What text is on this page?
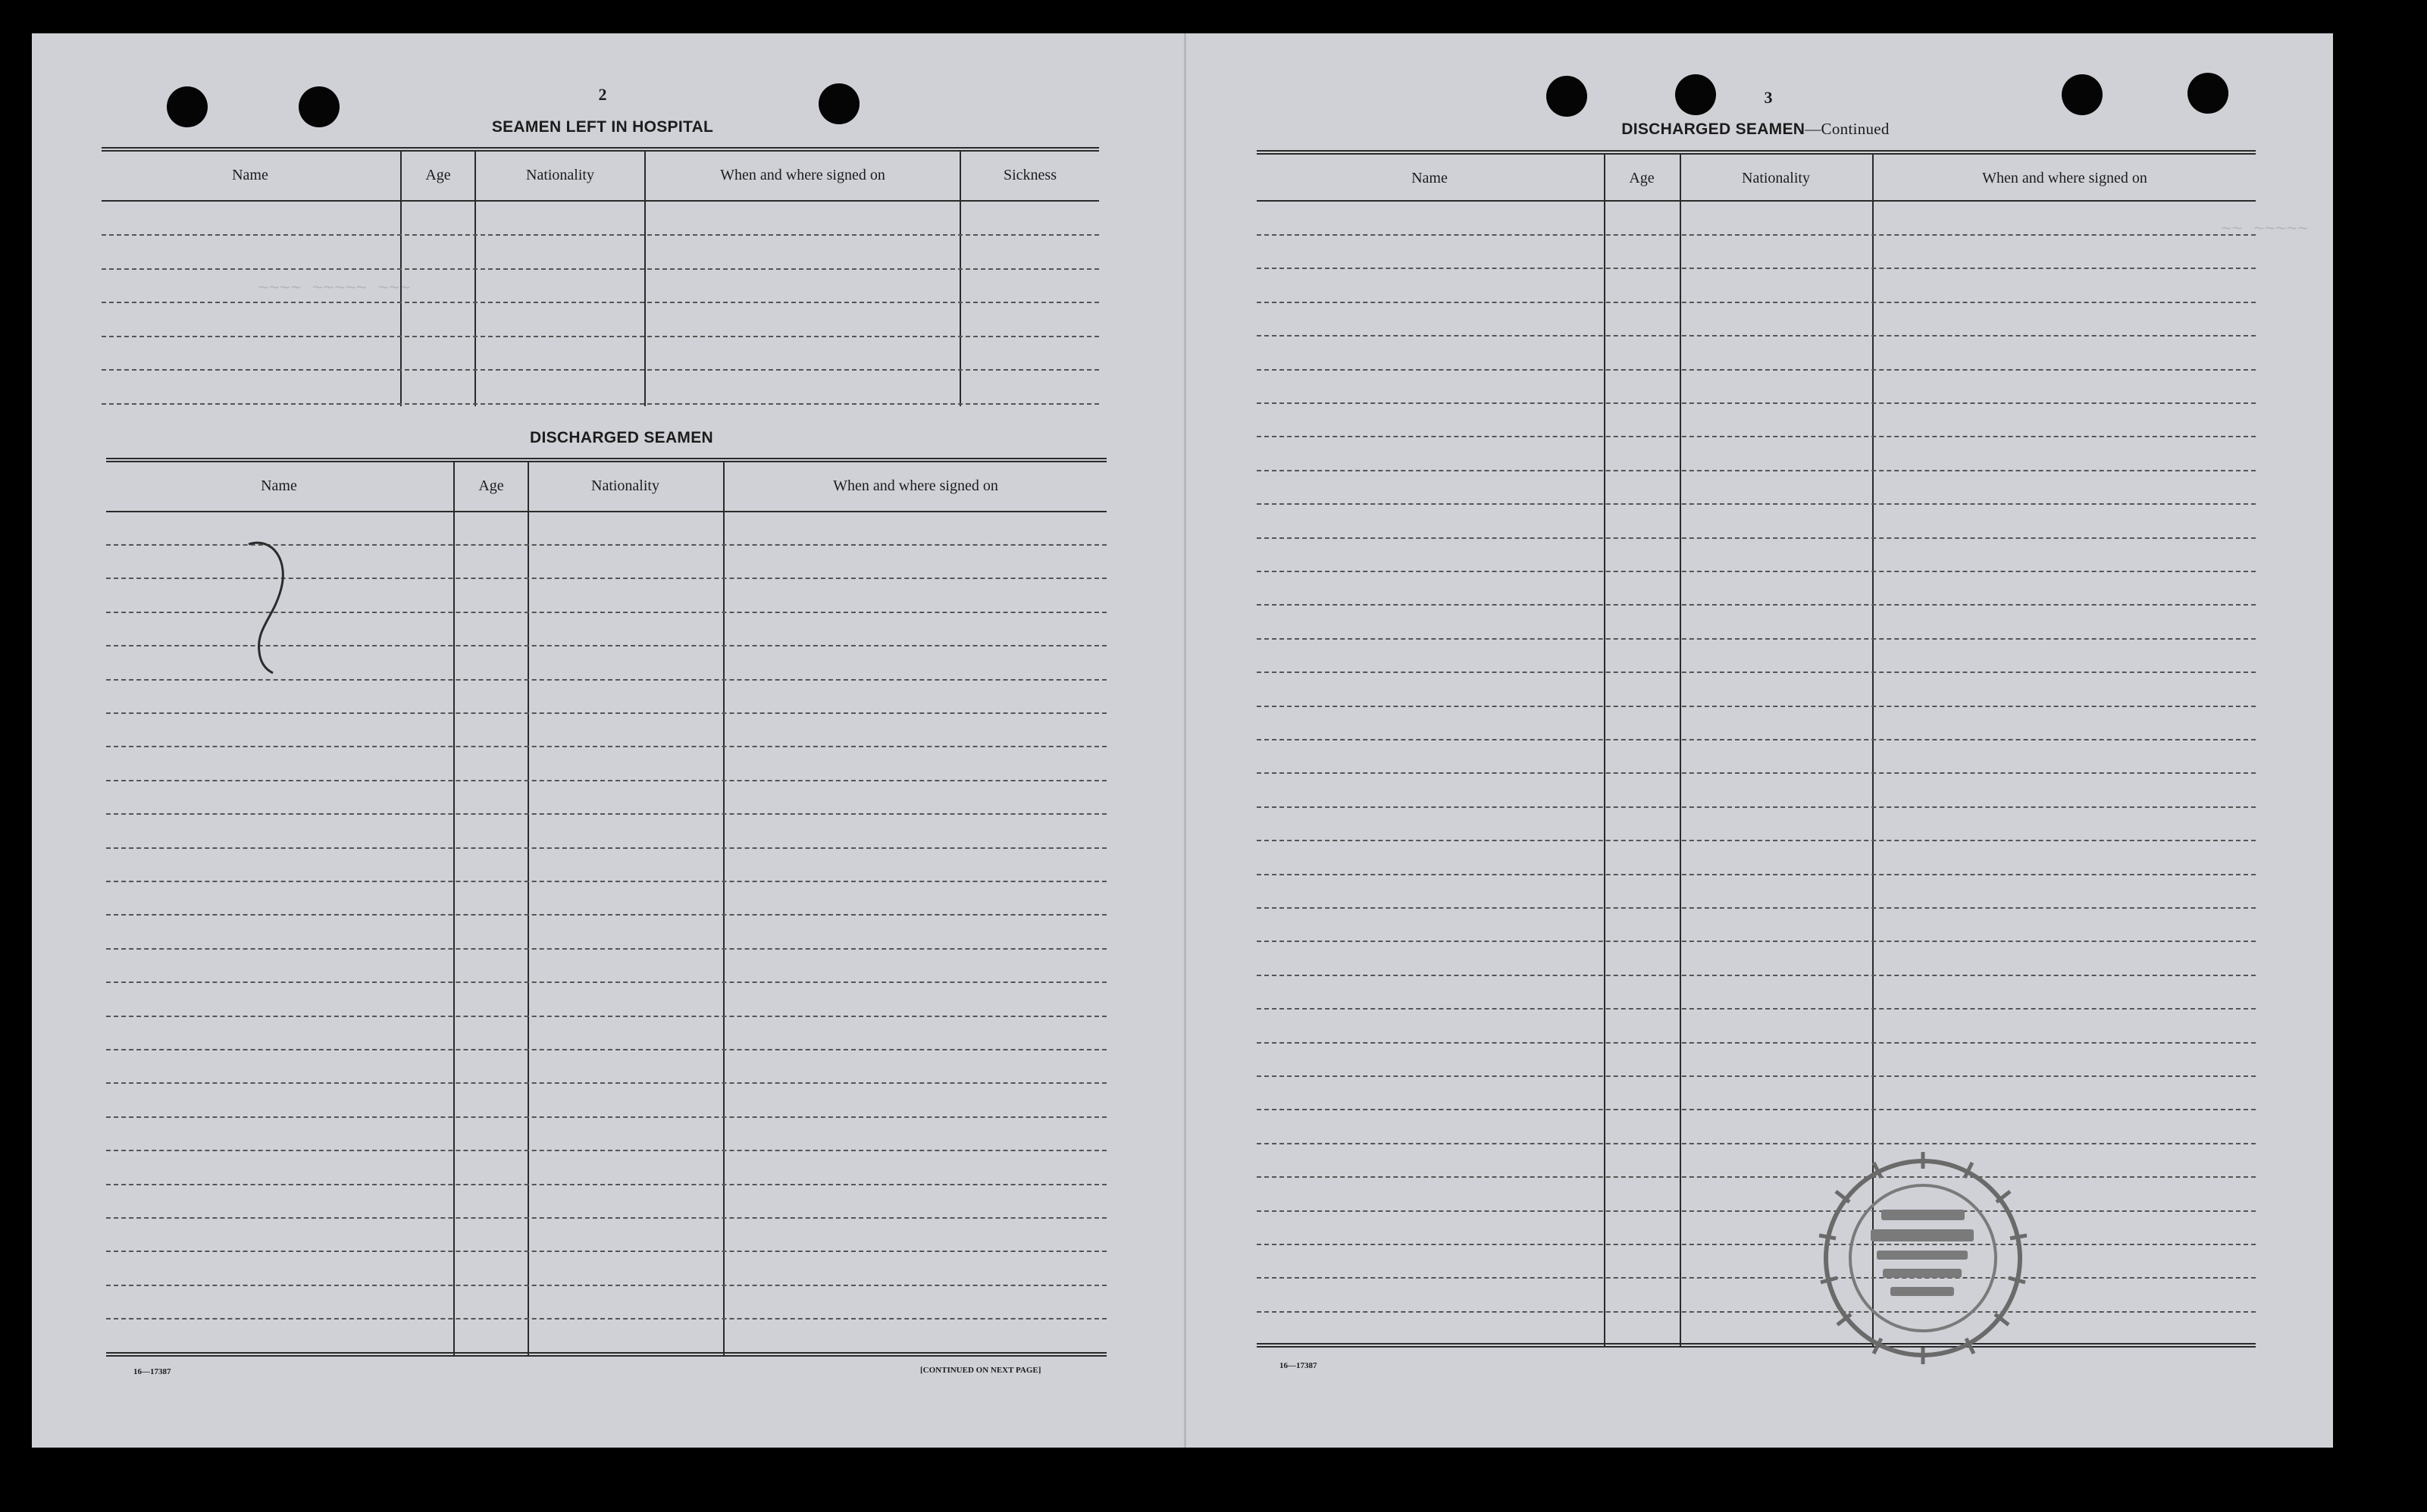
~~~~ ~~~~~ ~~~
~~ ~~~~~
2
SEAMEN LEFT IN HOSPITAL
Name	Age	Nationality	When and where signed on	Sickness
DISCHARGED SEAMEN
Name	Age	Nationality	When and where signed on
16—17387	[CONTINUED ON NEXT PAGE]
3
DISCHARGED SEAMEN—Continued
Name	Age	Nationality	When and where signed on
16—17387
